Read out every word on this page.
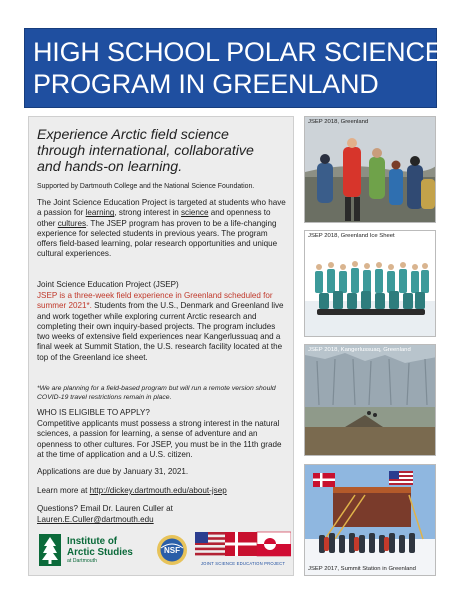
HIGH SCHOOL POLAR SCIENCE
PROGRAM IN GREENLAND
Experience Arctic field science
through international, collaborative
and hands-on learning.
Supported by Dartmouth College and the National Science Foundation.
The Joint Science Education Project is targeted at students who have a passion for learning, strong interest in science and openness to other cultures. The JSEP program has proven to be a life-changing experience for selected students in previous years. The program offers field-based learning, polar research opportunities and unique cultural experiences.
Joint Science Education Project (JSEP)
JSEP is a three-week field experience in Greenland scheduled for summer 2021*. Students from the U.S., Denmark and Greenland live and work together while exploring current Arctic research and completing their own inquiry-based projects. The program includes two weeks of extensive field experiences near Kangerlussuaq and a final week at Summit Station, the U.S. research facility located at the top of the Greenland ice sheet.
*We are planning for a field-based program but will run a remote version should COVID-19 travel restrictions remain in place.
WHO IS ELIGIBLE TO APPLY?
Competitive applicants must possess a strong interest in the natural sciences, a passion for learning, a sense of adventure and an openness to other cultures. For JSEP, you must be in the 11th grade at the time of application and a U.S. citizen.
Applications are due by January 31, 2021.
Learn more at http://dickey.dartmouth.edu/about-jsep
Questions? Email Dr. Lauren Culler at
Lauren.E.Culler@dartmouth.edu
Institute of
Arctic Studies
at Dartmouth
NSF
JOINT SCIENCE EDUCATION PROJECT
JSEP 2018, Greenland
JSEP 2018, Greenland Ice Sheet
JSEP 2018, Kangerlussuaq, Greenland
JSEP 2017, Summit Station in Greenland
